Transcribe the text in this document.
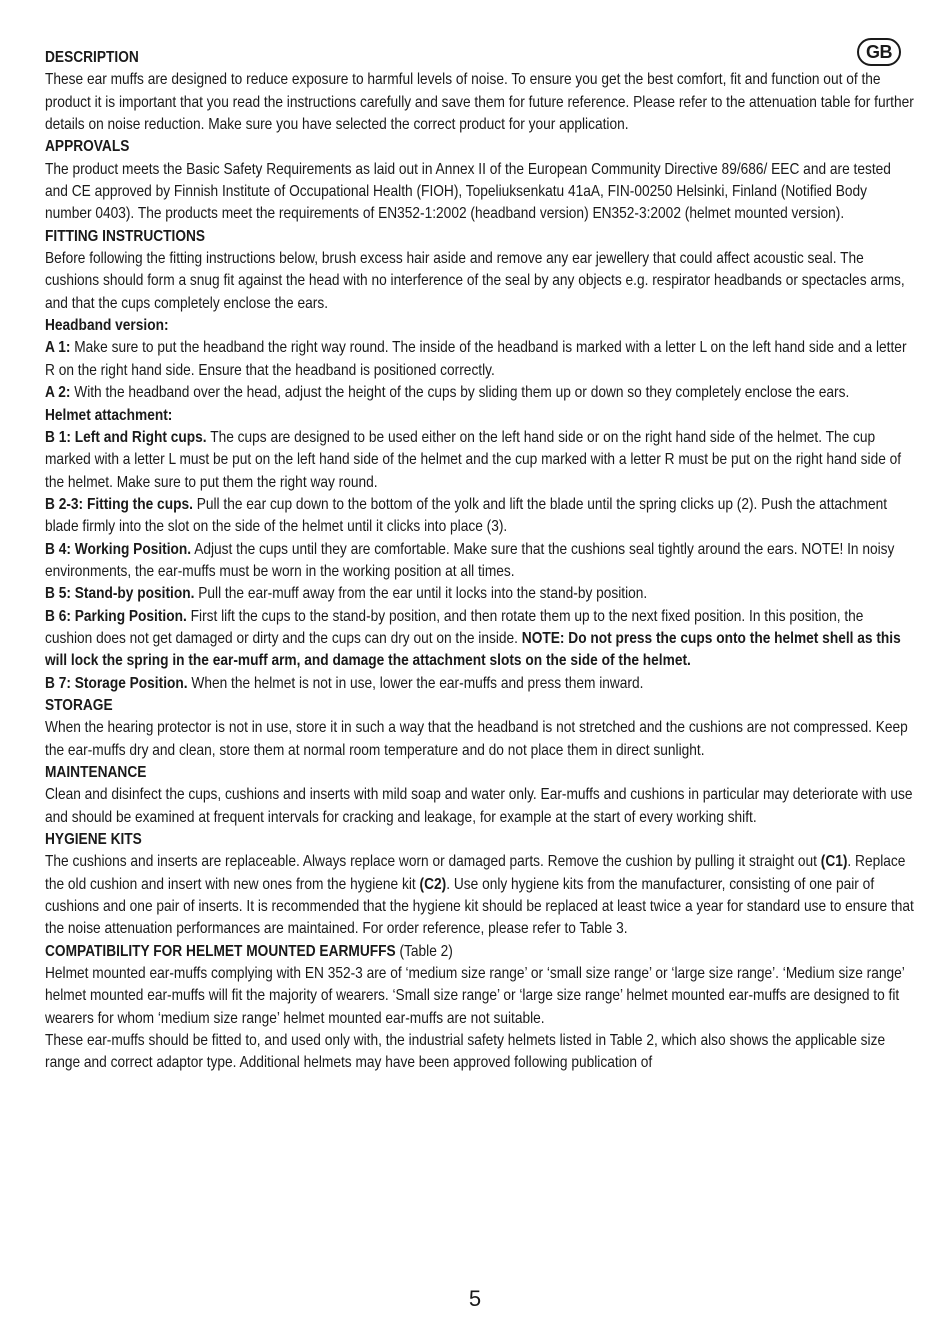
GB

DESCRIPTION

These ear muffs are designed to reduce exposure to harmful levels of noise. To ensure you get the best comfort, fit and function out of the product it is important that you read the instructions carefully and save them for future reference. Please refer to the attenuation table for further details on noise reduction. Make sure you have selected the correct product for your application.

APPROVALS

The product meets the Basic Safety Requirements as laid out in Annex II of the European Community Directive 89/686/ EEC and are tested and CE approved by Finnish Institute of Occupational Health (FIOH), Topeliuksenkatu 41aA, FIN-00250 Helsinki, Finland (Notified Body number 0403). The products meet the requirements of EN352-1:2002 (headband version) EN352-3:2002 (helmet mounted version).

FITTING INSTRUCTIONS

Before following the fitting instructions below, brush excess hair aside and remove any ear jewellery that could affect acoustic seal. The cushions should form a snug fit against the head with no interference of the seal by any objects e.g. respirator headbands or spectacles arms, and that the cups completely enclose the ears.

Headband version:

A 1: Make sure to put the headband the right way round. The inside of the headband is marked with a letter L on the left hand side and a letter R on the right hand side. Ensure that the headband is positioned correctly.

A 2: With the headband over the head, adjust the height of the cups by sliding them up or down so they completely enclose the ears.

Helmet attachment:

B 1: Left and Right cups. The cups are designed to be used either on the left hand side or on the right hand side of the helmet. The cup marked with a letter L must be put on the left hand side of the helmet and the cup marked with a letter R must be put on the right hand side of the helmet. Make sure to put them the right way round.

B 2-3: Fitting the cups. Pull the ear cup down to the bottom of the yolk and lift the blade until the spring clicks up (2). Push the attachment blade firmly into the slot on the side of the helmet until it clicks into place (3).

B 4: Working Position. Adjust the cups until they are comfortable. Make sure that the cushions seal tightly around the ears. NOTE! In noisy environments, the ear-muffs must be worn in the working position at all times.

B 5: Stand-by position. Pull the ear-muff away from the ear until it locks into the stand-by position.

B 6: Parking Position. First lift the cups to the stand-by position, and then rotate them up to the next fixed position. In this position, the cushion does not get damaged or dirty and the cups can dry out on the inside. NOTE: Do not press the cups onto the helmet shell as this will lock the spring in the ear-muff arm, and damage the attachment slots on the side of the helmet.

B 7: Storage Position. When the helmet is not in use, lower the ear-muffs and press them inward.

STORAGE

When the hearing protector is not in use, store it in such a way that the headband is not stretched and the cushions are not compressed. Keep the ear-muffs dry and clean, store them at normal room temperature and do not place them in direct sunlight.

MAINTENANCE

Clean and disinfect the cups, cushions and inserts with mild soap and water only. Ear-muffs and cushions in particular may deteriorate with use and should be examined at frequent intervals for cracking and leakage, for example at the start of every working shift.

HYGIENE KITS

The cushions and inserts are replaceable. Always replace worn or damaged parts. Remove the cushion by pulling it straight out (C1). Replace the old cushion and insert with new ones from the hygiene kit (C2). Use only hygiene kits from the manufacturer, consisting of one pair of cushions and one pair of inserts. It is recommended that the hygiene kit should be replaced at least twice a year for standard use to ensure that the noise attenuation performances are maintained. For order reference, please refer to Table 3.

COMPATIBILITY FOR HELMET MOUNTED EARMUFFS (Table 2)

Helmet mounted ear-muffs complying with EN 352-3 are of ‘medium size range’ or ‘small size range’ or ‘large size range’. ‘Medium size range’ helmet mounted ear-muffs will fit the majority of wearers. ‘Small size range’ or ‘large size range’ helmet mounted ear-muffs are designed to fit wearers for whom ‘medium size range’ helmet mounted ear-muffs are not suitable.

These ear-muffs should be fitted to, and used only with, the industrial safety helmets listed in Table 2, which also shows the applicable size range and correct adaptor type. Additional helmets may have been approved following publication of

5
